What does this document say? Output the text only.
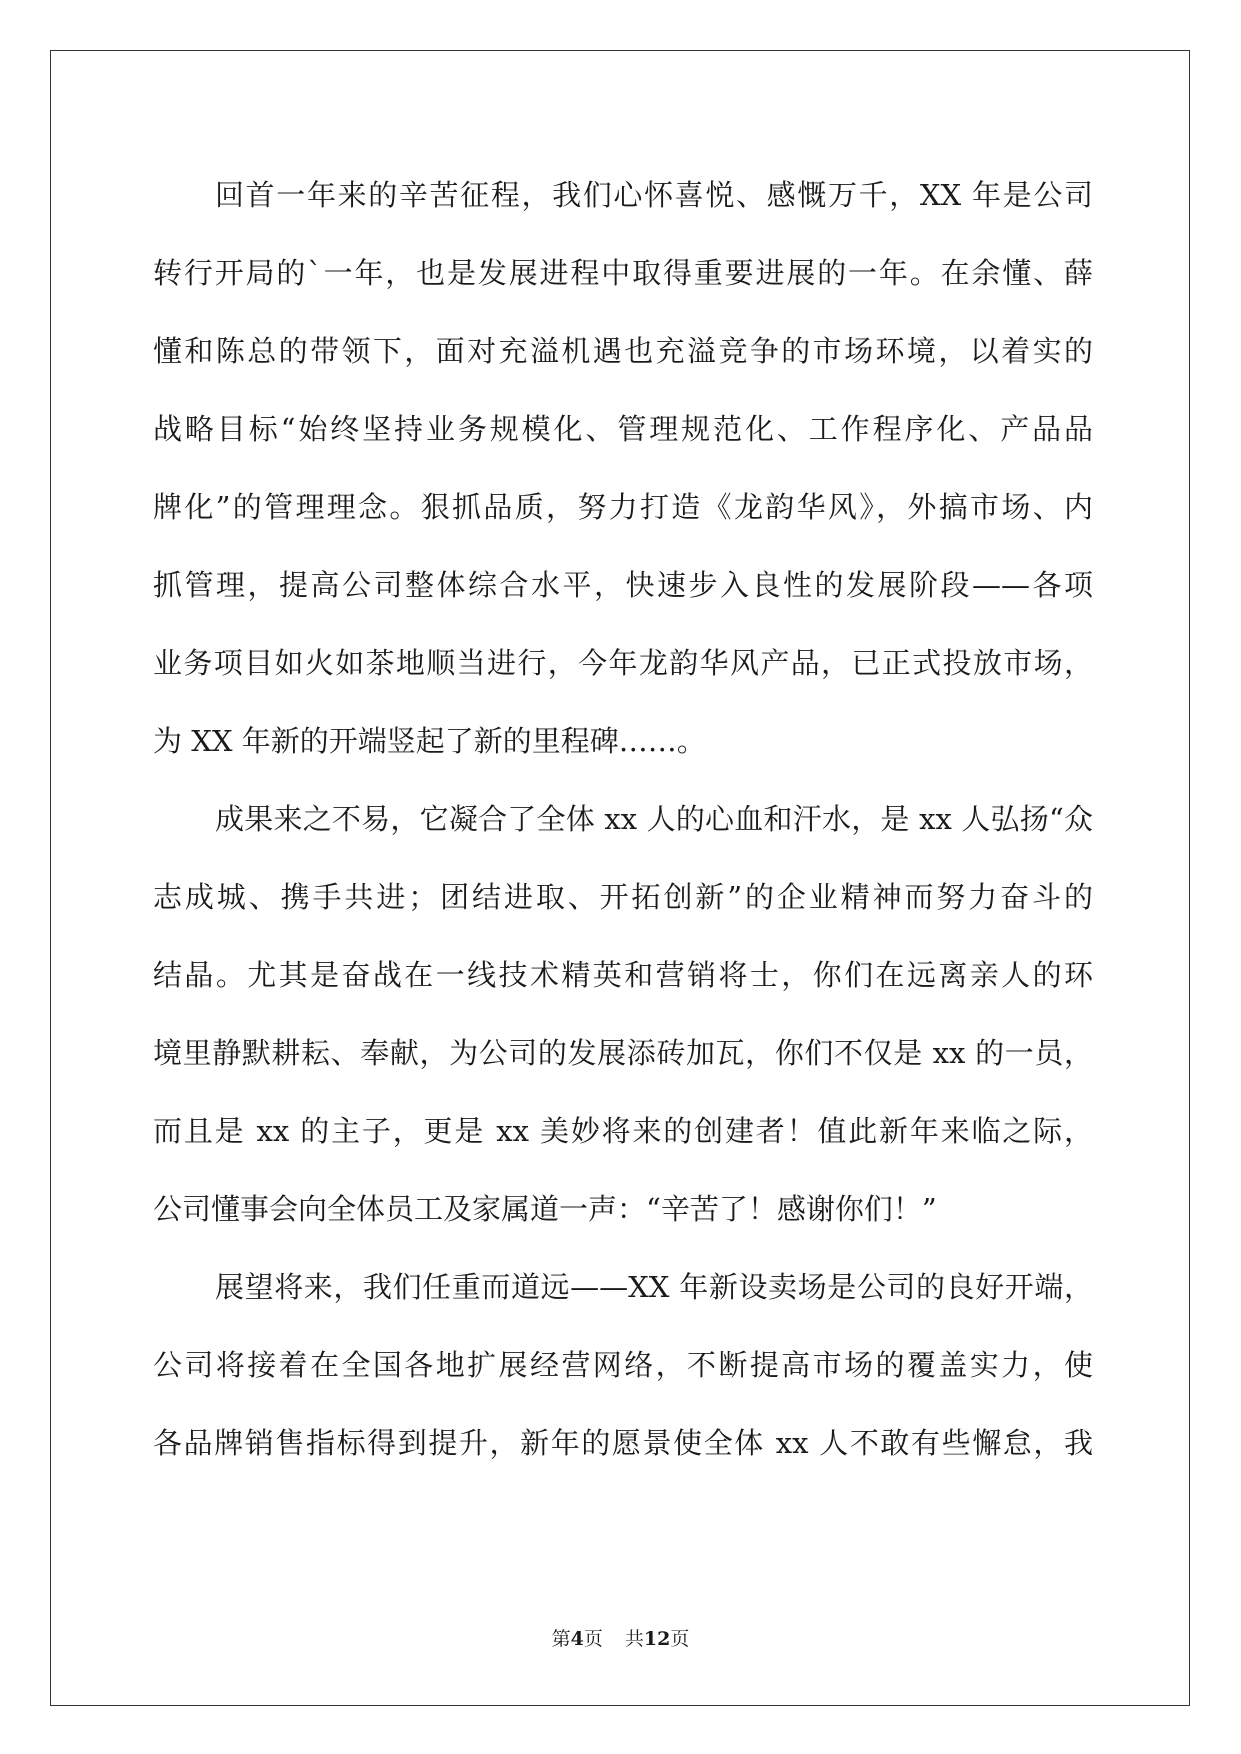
回首一年来的辛苦征程，我们心怀喜悦、感慨万千，XX 年是公司
转行开局的`一年，也是发展进程中取得重要进展的一年。在余懂、薛
懂和陈总的带领下，面对充溢机遇也充溢竞争的市场环境，以着实的
战略目标“始终坚持业务规模化、管理规范化、工作程序化、产品品
牌化”的管理理念。狠抓品质，努力打造《龙韵华风》，外搞市场、内
抓管理，提高公司整体综合水平，快速步入良性的发展阶段——各项
业务项目如火如茶地顺当进行，今年龙韵华风产品，已正式投放市场，
为 XX 年新的开端竖起了新的里程碑……。
成果来之不易，它凝合了全体 xx 人的心血和汗水，是 xx 人弘扬“众
志成城、携手共进；团结进取、开拓创新”的企业精神而努力奋斗的
结晶。尤其是奋战在一线技术精英和营销将士，你们在远离亲人的环
境里静默耕耘、奉献，为公司的发展添砖加瓦，你们不仅是 xx 的一员，
而且是 xx 的主子，更是 xx 美妙将来的创建者！值此新年来临之际，
公司懂事会向全体员工及家属道一声：“辛苦了！感谢你们！”
展望将来，我们任重而道远——XX 年新设卖场是公司的良好开端，
公司将接着在全国各地扩展经营网络，不断提高市场的覆盖实力，使
各品牌销售指标得到提升，新年的愿景使全体 xx 人不敢有些懈怠，我
第4页 共12页
